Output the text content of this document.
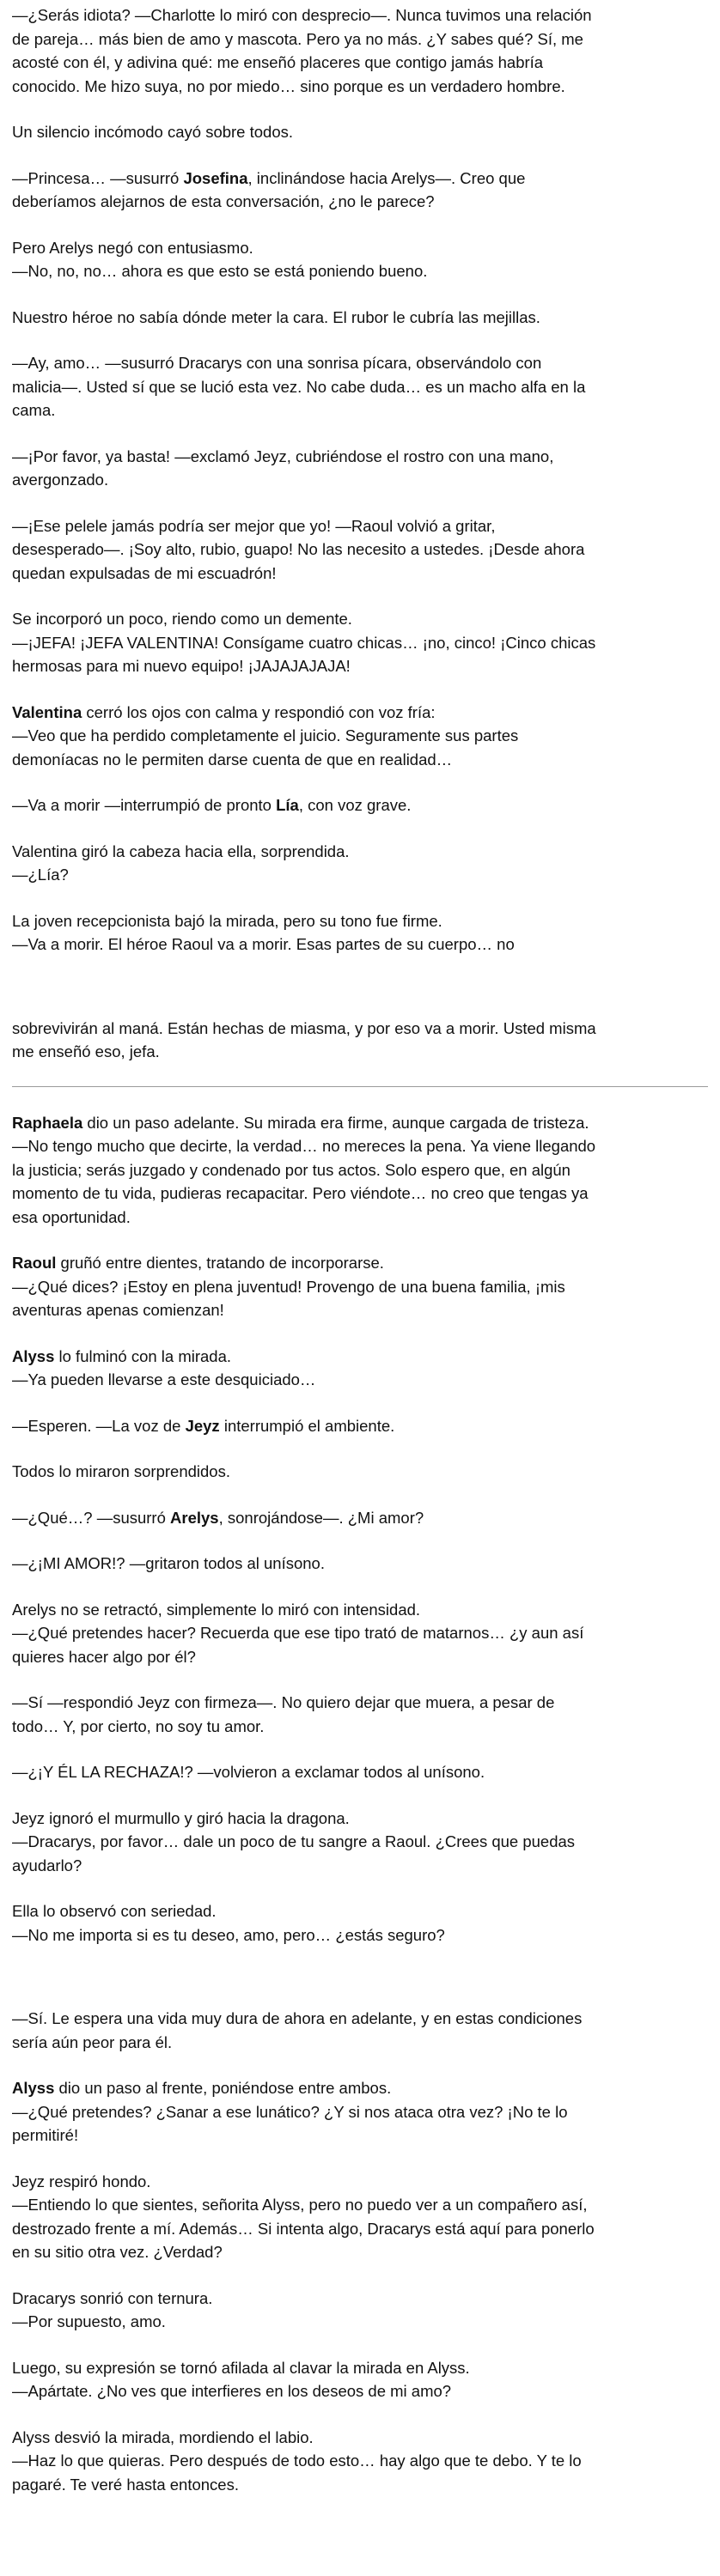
—¿Serás idiota? —Charlotte lo miró con desprecio—. Nunca tuvimos una relación
de pareja… más bien de amo y mascota. Pero ya no más. ¿Y sabes qué? Sí, me
acosté con él, y adivina qué: me enseñó placeres que contigo jamás habría
conocido. Me hizo suya, no por miedo… sino porque es un verdadero hombre.

Un silencio incómodo cayó sobre todos.

—Princesa… —susurró Josefina, inclinándose hacia Arelys—. Creo que
deberíamos alejarnos de esta conversación, ¿no le parece?

Pero Arelys negó con entusiasmo.
—No, no, no… ahora es que esto se está poniendo bueno.

Nuestro héroe no sabía dónde meter la cara. El rubor le cubría las mejillas.

—Ay, amo… —susurró Dracarys con una sonrisa pícara, observándolo con
malicia—. Usted sí que se lució esta vez. No cabe duda… es un macho alfa en la
cama.

—¡Por favor, ya basta! —exclamó Jeyz, cubriéndose el rostro con una mano,
avergonzado.

—¡Ese pelele jamás podría ser mejor que yo! —Raoul volvió a gritar,
desesperado—. ¡Soy alto, rubio, guapo! No las necesito a ustedes. ¡Desde ahora
quedan expulsadas de mi escuadrón!

Se incorporó un poco, riendo como un demente.
—¡JEFA! ¡JEFA VALENTINA! Consígame cuatro chicas… ¡no, cinco! ¡Cinco chicas
hermosas para mi nuevo equipo! ¡JAJAJAJAJA!

Valentina cerró los ojos con calma y respondió con voz fría:
—Veo que ha perdido completamente el juicio. Seguramente sus partes
demoníacas no le permiten darse cuenta de que en realidad…

—Va a morir —interrumpió de pronto Lía, con voz grave.

Valentina giró la cabeza hacia ella, sorprendida.
—¿Lía?

La joven recepcionista bajó la mirada, pero su tono fue firme.
—Va a morir. El héroe Raoul va a morir. Esas partes de su cuerpo… no

sobrevivirán al maná. Están hechas de miasma, y por eso va a morir. Usted misma
me enseñó eso, jefa.

Raphaela dio un paso adelante. Su mirada era firme, aunque cargada de tristeza.
—No tengo mucho que decirte, la verdad… no mereces la pena. Ya viene llegando
la justicia; serás juzgado y condenado por tus actos. Solo espero que, en algún
momento de tu vida, pudieras recapacitar. Pero viéndote… no creo que tengas ya
esa oportunidad.

Raoul gruñó entre dientes, tratando de incorporarse.
—¿Qué dices? ¡Estoy en plena juventud! Provengo de una buena familia, ¡mis
aventuras apenas comienzan!

Alyss lo fulminó con la mirada.
—Ya pueden llevarse a este desquiciado…

—Esperen. —La voz de Jeyz interrumpió el ambiente.

Todos lo miraron sorprendidos.

—¿Qué…? —susurró Arelys, sonrojándose—. ¿Mi amor?

—¿¡MI AMOR!? —gritaron todos al unísono.

Arelys no se retractó, simplemente lo miró con intensidad.
—¿Qué pretendes hacer? Recuerda que ese tipo trató de matarnos… ¿y aun así
quieres hacer algo por él?

—Sí —respondió Jeyz con firmeza—. No quiero dejar que muera, a pesar de
todo… Y, por cierto, no soy tu amor.

—¿¡Y ÉL LA RECHAZA!? —volvieron a exclamar todos al unísono.

Jeyz ignoró el murmullo y giró hacia la dragona.
—Dracarys, por favor… dale un poco de tu sangre a Raoul. ¿Crees que puedas
ayudarlo?

Ella lo observó con seriedad.
—No me importa si es tu deseo, amo, pero… ¿estás seguro?

—Sí. Le espera una vida muy dura de ahora en adelante, y en estas condiciones
sería aún peor para él.

Alyss dio un paso al frente, poniéndose entre ambos.
—¿Qué pretendes? ¿Sanar a ese lunático? ¿Y si nos ataca otra vez? ¡No te lo
permitiré!

Jeyz respiró hondo.
—Entiendo lo que sientes, señorita Alyss, pero no puedo ver a un compañero así,
destrozado frente a mí. Además… Si intenta algo, Dracarys está aquí para ponerlo
en su sitio otra vez. ¿Verdad?

Dracarys sonrió con ternura.
—Por supuesto, amo.

Luego, su expresión se tornó afilada al clavar la mirada en Alyss.
—Apártate. ¿No ves que interfieres en los deseos de mi amo?

Alyss desvió la mirada, mordiendo el labio.
—Haz lo que quieras. Pero después de todo esto… hay algo que te debo. Y te lo
pagaré. Te veré hasta entonces.
